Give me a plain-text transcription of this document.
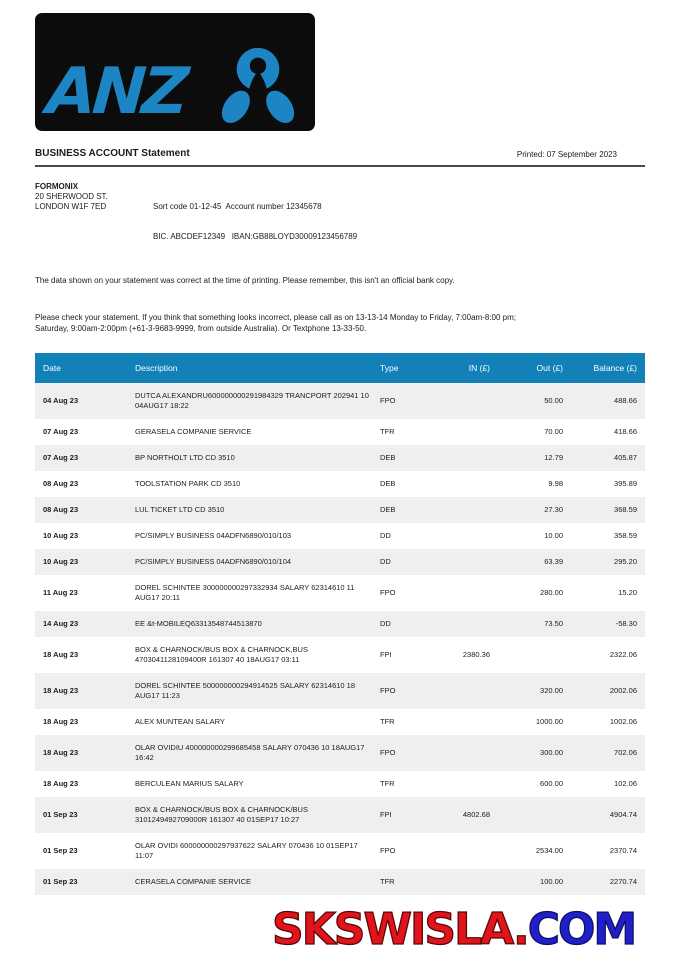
ANZ
BUSINESS ACCOUNT Statement	Printed: 07 September 2023
FORMONIX
20 SHERWOOD ST.
LONDON W1F 7ED

	Sort code 01-12-45  Account number 12345678

BIC. ABCDEF12349   IBAN:GB88LOYD30009123456789

The data shown on your statement was correct at the time of printing. Please remember, this isn't an official bank copy.
Please check your statement. If you think that something looks incorrect, please call as on 13-13-14 Monday to Friday, 7:00am-8:00 pm; Saturday, 9:00am-2:00pm (+61-3-9683-9999, from outside Australia). Or Textphone 13-33-50.
Date	Description	Type	IN (£)	Out (£)	Balance (£)
04 Aug 23	DUTCA ALEXANDRU600000000291984329 TRANCPORT 202941 10 04AUG17 18:22	FPO		50.00	488.66
07 Aug 23	GERASELA COMPANIE SERVICE	TFR		70.00	418.66
07 Aug 23	BP NORTHOLT LTD CD 3510	DEB		12.79	405.87
08 Aug 23	TOOLSTATION PARK CD 3510	DEB		9.98	395.89
08 Aug 23	LUL TICKET LTD CD 3510	DEB		27.30	368.59
10 Aug 23	PC/SIMPLY BUSINESS 04ADFN6890/010/103	DD		10.00	358.59
10 Aug 23	PC/SIMPLY BUSINESS 04ADFN6890/010/104	DD		63.39	295.20
11 Aug 23	DOREL SCHINTEE 300000000297332934 SALARY 62314610 11 AUG17 20:11	FPO		280.00	15.20
14 Aug 23	EE &t-MOBILEQ63313548744513870	DD		73.50	-58.30
18 Aug 23	BOX & CHARNOCK/BUS BOX & CHARNOCK,BUS 4703041128109400R 161307 40 18AUG17 03:11	FPI	2380.36		2322.06
18 Aug 23	DOREL SCHINTEE 500000000294914525 SALARY 62314610 18 AUG17 11:23	FPO		320.00	2002.06
18 Aug 23	ALEX MUNTEAN SALARY	TFR		1000.00	1002.06
18 Aug 23	OLAR OVIDIU 400000000299685458 SALARY 070436 10 18AUG17 16:42	FPO		300.00	702.06
18 Aug 23	BERCULEAN MARIUS SALARY	TFR		600.00	102.06
01 Sep 23	BOX & CHARNOCK/BUS BOX & CHARNOCK/BUS 3101249492709000R 161307 40 01SEP17 10:27	FPI	4802.68		4904.74
01 Sep 23	OLAR OVIDI 600000000297937622 SALARY 070436 10 01SEP17 11:07	FPO		2534.00	2370.74
01 Sep 23	CERASELA COMPANIE SERVICE	TFR		100.00	2270.74
SKSWISLA.COM
